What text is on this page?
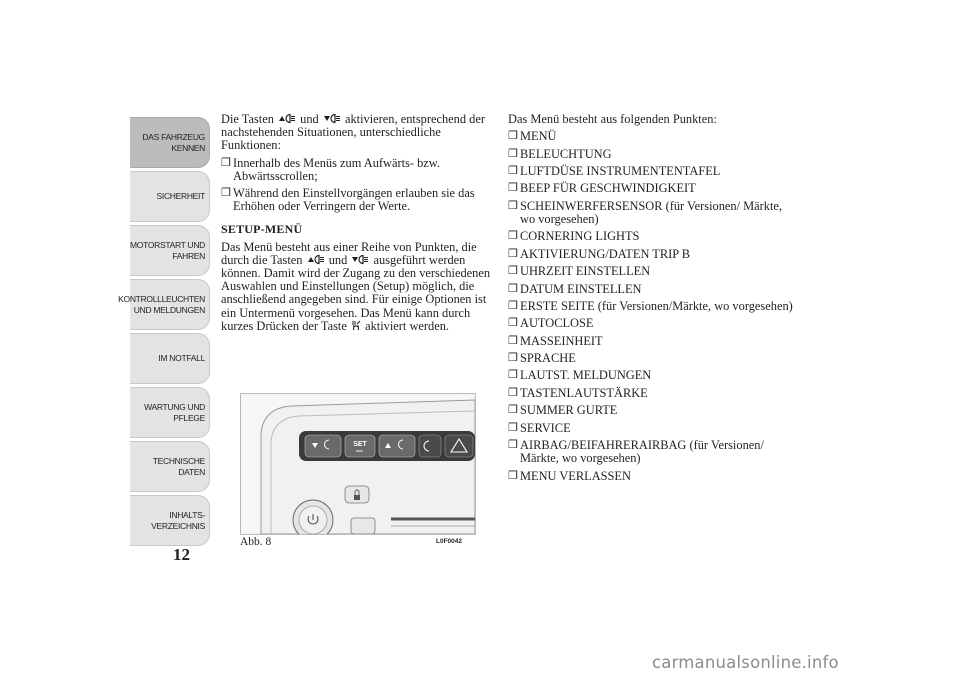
DAS FAHRZEUG
KENNEN
SICHERHEIT
MOTORSTART UND
FAHREN
KONTROLLLEUCHTEN
UND MELDUNGEN
IM NOTFALL
WARTUNG UND
PFLEGE
TECHNISCHE
DATEN
INHALTS-
VERZEICHNIS
12

Die Tasten und aktivieren, entsprechend der nachstehenden Situationen, unterschiedliche Funktionen:

❒ Innerhalb des Menüs zum Aufwärts- bzw. Abwärtsscrollen;
❒ Während den Einstellvorgängen erlauben sie das Erhöhen oder Verringern der Werte.
SETUP-MENÜ

Das Menü besteht aus einer Reihe von Punkten, die durch die Tasten und ausgeführt werden können. Damit wird der Zugang zu den verschiedenen Auswahlen und Einstellungen (Setup) möglich, die anschließend angegeben sind. Für einige Optionen ist ein Untermenü vorgesehen. Das Menü kann durch kurzes Drücken der Taste aktiviert werden.

SET
Abb. 8	L0F0042

Das Menü besteht aus folgenden Punkten:

❒ MENÜ
❒ BELEUCHTUNG
❒ LUFTDÜSE INSTRUMENTENTAFEL
❒ BEEP FÜR GESCHWINDIGKEIT
❒ SCHEINWERFERSENSOR (für Versionen/ Märkte, wo vorgesehen)
❒ CORNERING LIGHTS
❒ AKTIVIERUNG/DATEN TRIP B
❒ UHRZEIT EINSTELLEN
❒ DATUM EINSTELLEN
❒ ERSTE SEITE (für Versionen/Märkte, wo vorgesehen)
❒ AUTOCLOSE
❒ MASSEINHEIT
❒ SPRACHE
❒ LAUTST. MELDUNGEN
❒ TASTENLAUTSTÄRKE
❒ SUMMER GURTE
❒ SERVICE
❒ AIRBAG/BEIFAHRERAIRBAG (für Versionen/ Märkte, wo vorgesehen)
❒ MENU VERLASSEN
carmanualsonline.info
